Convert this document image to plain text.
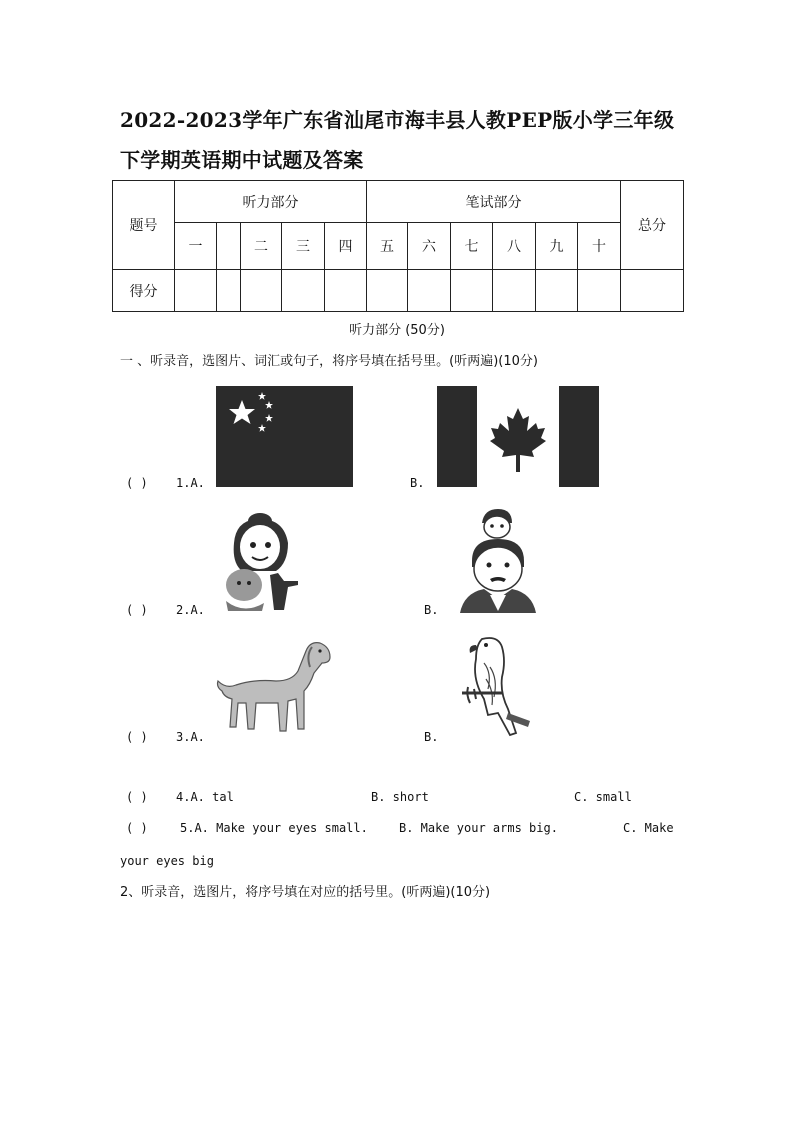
2022-2023学年广东省汕尾市海丰县人教PEP版小学三年级
下学期英语期中试题及答案
题号	听力部分					笔试部分						总分
	一		二	三	四	五	六	七	八	九	十	
得分												
听力部分 (50分)
一 、听录音，选图片、词汇或句子，将序号填在括号里。(听两遍)(10分)
( ) 1.A.	B.
( ) 2.A.	B.
( ) 3.A.	B.
( ) 4.A. tal	B. short	C. small
( )	5.A. Make your eyes small.	B. Make your arms big.	C. Make
your eyes big
2、听录音，选图片，将序号填在对应的括号里。(听两遍)(10分)
